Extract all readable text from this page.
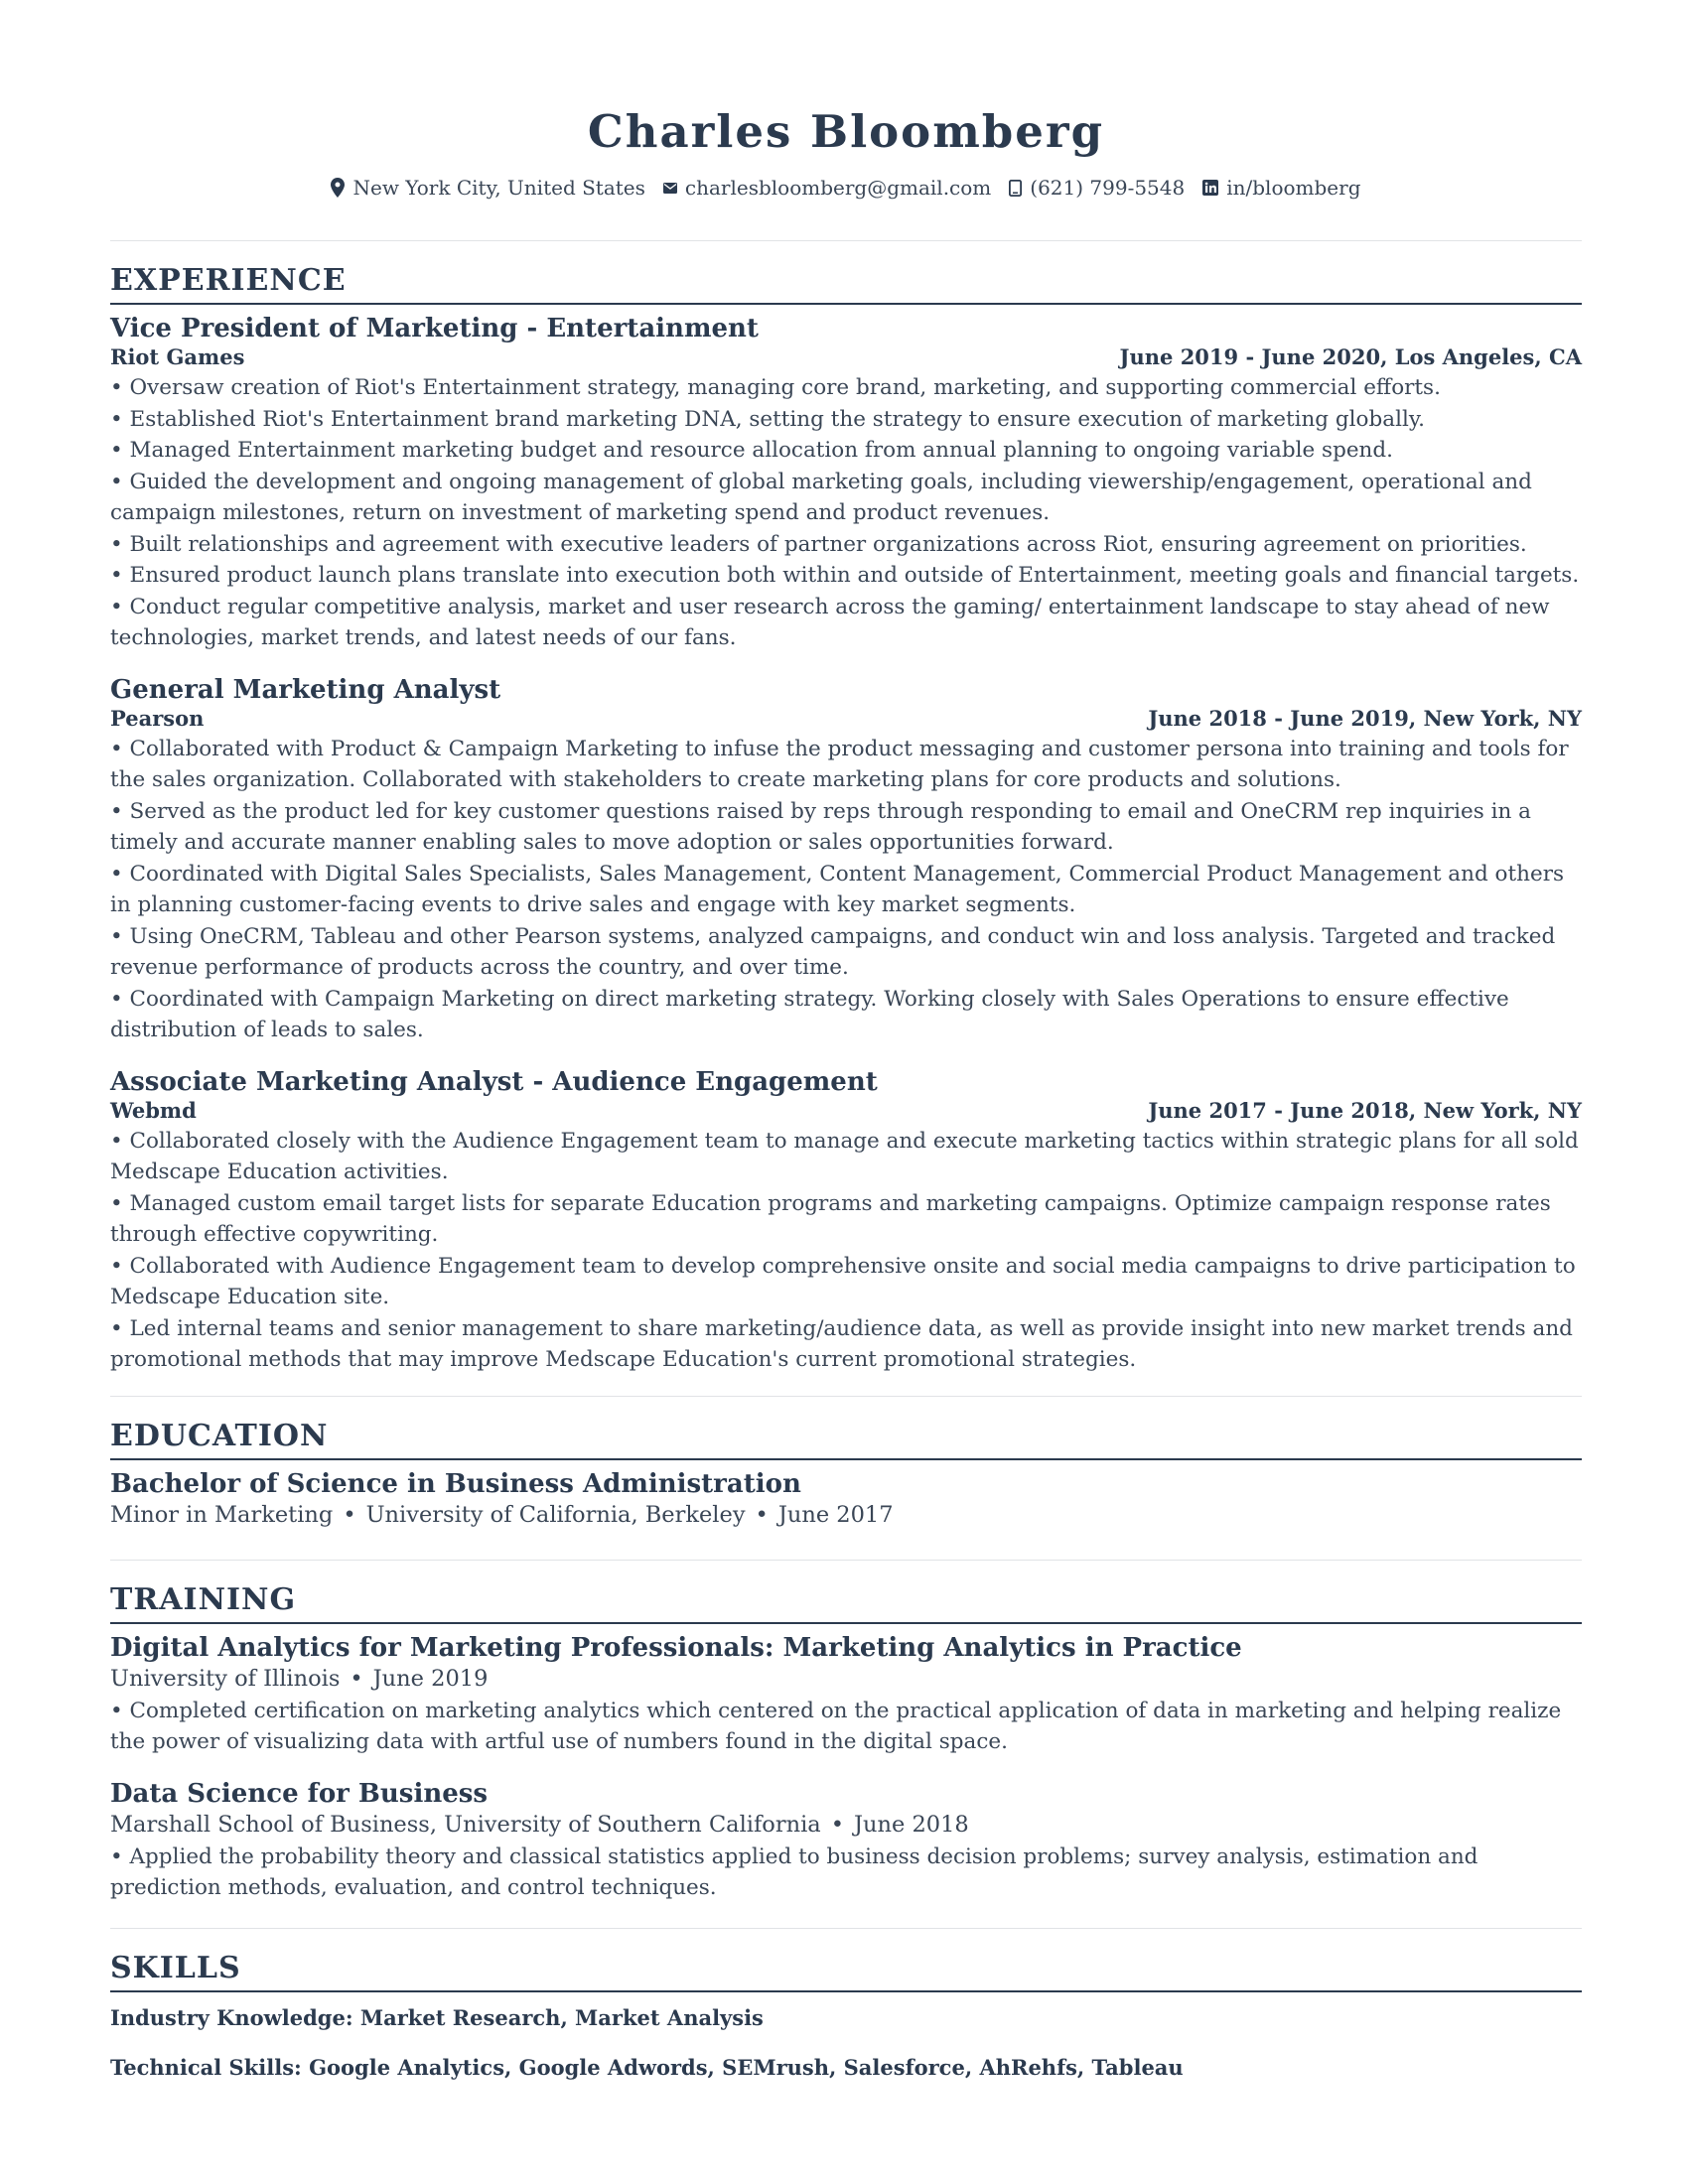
Charles Bloomberg
New York City, United States charlesbloomberg@gmail.com (621) 799-5548 in/bloomberg
EXPERIENCE
Vice President of Marketing - Entertainment
Riot Games	June 2019 - June 2020, Los Angeles, CA
• Oversaw creation of Riot's Entertainment strategy, managing core brand, marketing, and supporting commercial efforts.
• Established Riot's Entertainment brand marketing DNA, setting the strategy to ensure execution of marketing globally.
• Managed Entertainment marketing budget and resource allocation from annual planning to ongoing variable spend.
• Guided the development and ongoing management of global marketing goals, including viewership/engagement, operational and campaign milestones, return on investment of marketing spend and product revenues.
• Built relationships and agreement with executive leaders of partner organizations across Riot, ensuring agreement on priorities.
• Ensured product launch plans translate into execution both within and outside of Entertainment, meeting goals and financial targets.
• Conduct regular competitive analysis, market and user research across the gaming/ entertainment landscape to stay ahead of new technologies, market trends, and latest needs of our fans.
General Marketing Analyst
Pearson	June 2018 - June 2019, New York, NY
• Collaborated with Product & Campaign Marketing to infuse the product messaging and customer persona into training and tools for the sales organization. Collaborated with stakeholders to create marketing plans for core products and solutions.
• Served as the product led for key customer questions raised by reps through responding to email and OneCRM rep inquiries in a timely and accurate manner enabling sales to move adoption or sales opportunities forward.
• Coordinated with Digital Sales Specialists, Sales Management, Content Management, Commercial Product Management and others in planning customer-facing events to drive sales and engage with key market segments.
• Using OneCRM, Tableau and other Pearson systems, analyzed campaigns, and conduct win and loss analysis. Targeted and tracked revenue performance of products across the country, and over time.
• Coordinated with Campaign Marketing on direct marketing strategy. Working closely with Sales Operations to ensure effective distribution of leads to sales.
Associate Marketing Analyst - Audience Engagement
Webmd	June 2017 - June 2018, New York, NY
• Collaborated closely with the Audience Engagement team to manage and execute marketing tactics within strategic plans for all sold Medscape Education activities.
• Managed custom email target lists for separate Education programs and marketing campaigns. Optimize campaign response rates through effective copywriting.
• Collaborated with Audience Engagement team to develop comprehensive onsite and social media campaigns to drive participation to Medscape Education site.
• Led internal teams and senior management to share marketing/audience data, as well as provide insight into new market trends and promotional methods that may improve Medscape Education's current promotional strategies.
EDUCATION
Bachelor of Science in Business Administration
Minor in Marketing • University of California, Berkeley • June 2017
TRAINING
Digital Analytics for Marketing Professionals: Marketing Analytics in Practice
University of Illinois • June 2019
• Completed certification on marketing analytics which centered on the practical application of data in marketing and helping realize the power of visualizing data with artful use of numbers found in the digital space.
Data Science for Business
Marshall School of Business, University of Southern California • June 2018
• Applied the probability theory and classical statistics applied to business decision problems; survey analysis, estimation and prediction methods, evaluation, and control techniques.
SKILLS

Industry Knowledge: Market Research, Market Analysis

Technical Skills: Google Analytics, Google Adwords, SEMrush, Salesforce, AhRehfs, Tableau
